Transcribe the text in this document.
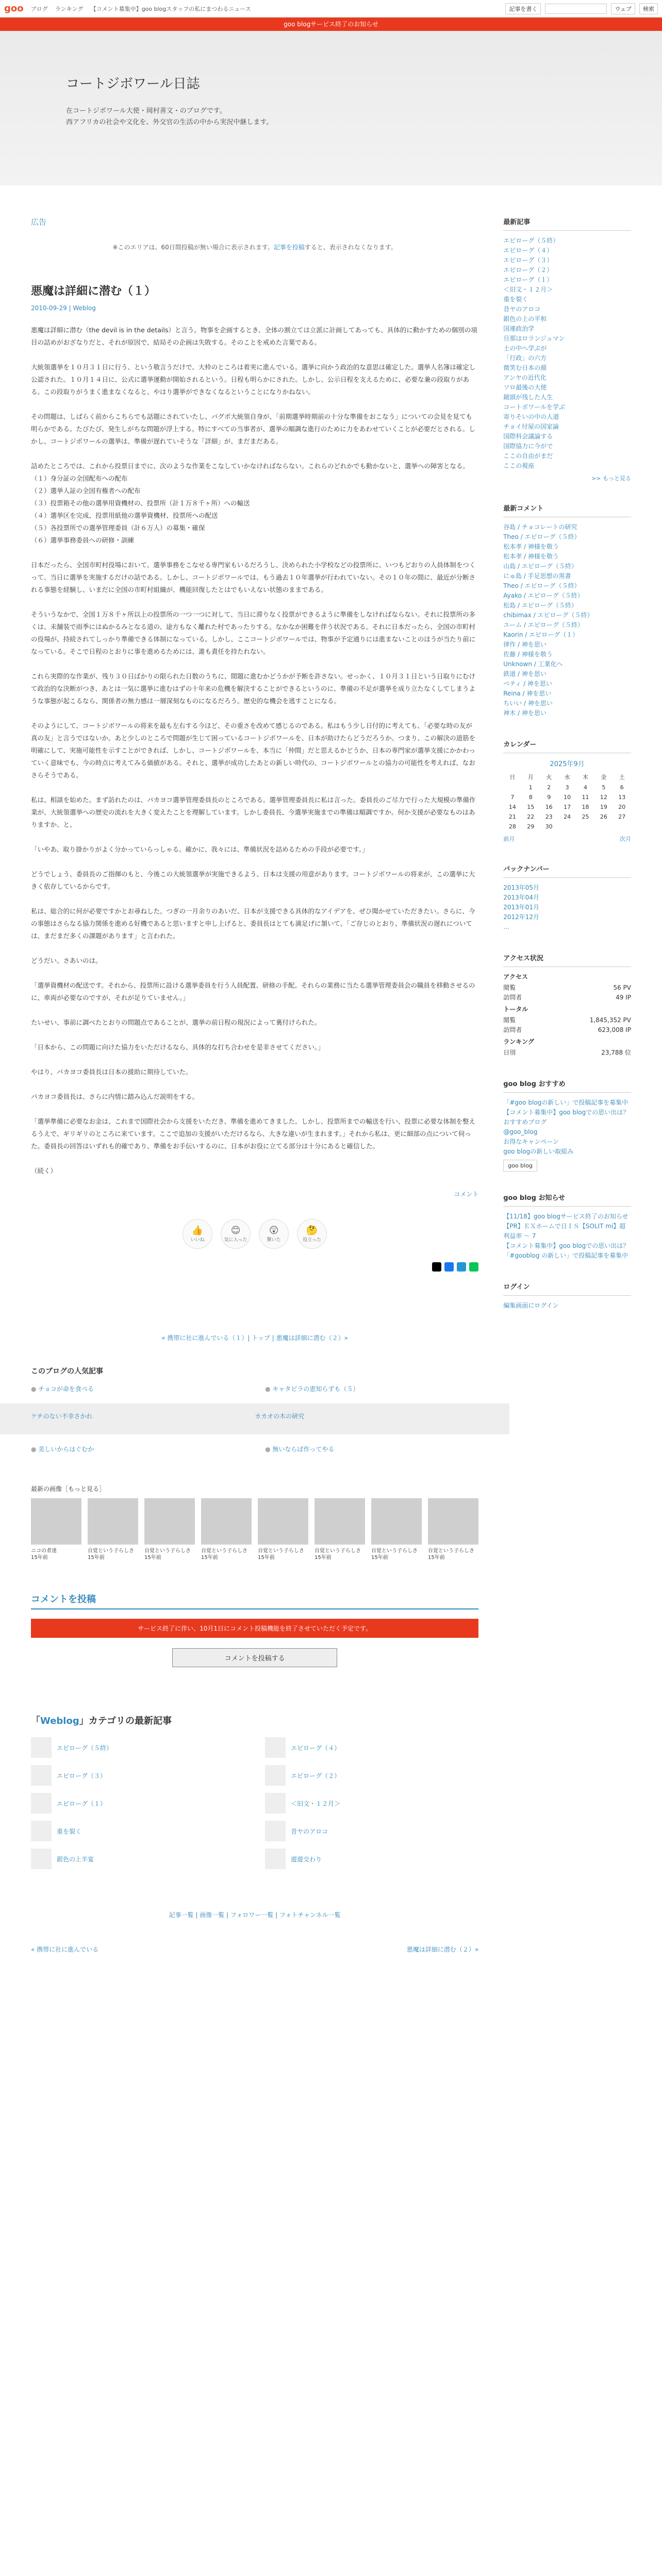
goo ブログ ランキング 【コメント募集中】goo blogスタッフの私にまつわるニュース	記事を書く	ウェブ	検索
goo blogサービス終了のお知らせ
コートジボワール日誌

在コートジボワール大使・岡村善文・のブログです。

西アフリカの社会や文化を、外交官の生活の中から実況中継します。

広告
※このエリアは、60日間投稿が無い場合に表示されます。記事を投稿すると、表示されなくなります。
悪魔は詳細に潜む（１）
2010-09-29 | Weblog

悪魔は詳細に潜む（the devil is in the details）と言う。物事を企画するとき、全体の割立ては立派に計画してあっても、具体的に動かすための個別の項目の詰めがおざなりだと、それが原因で、結局その企画は失敗する。そのことを戒めた言葉である。

大統領選挙を１０月３１日に行う、という敬言うだけで、大枠のところは着実に進んでいる。選挙に向かう政治的な意思は確定した。選挙人名簿は確定し公認された。１０月１４日に、公式に選挙運動が開始されるという。日程も明らかにされた。しかし、公示日程を支えるために、必要な兼の段取りがある。この段取りがうまく進まなくなると、やはり選挙ができなくなるということになりかねない。

その問題は、しばらく前からこちらでも話題にされていたし、バグボ大統領自身が、「前期選挙時期前の十分な準備をおこなう」についての会見を見ても明らかである。たびたび、発生しがちな問題が浮上する。特にすべての当事者が、選挙の順調な進行のために力をあわせていくことが必要だとされる。しかし、コートジボワールの選挙は、準備が遅れていそうな「詳細」が、まだまだある。

詰めたところでは、これから投票日までに、次のような作業をこなしていかなければならない。これらのどれかでも動かないと、選挙への障害となる。
（１）身分証の全国配布への配布
（２）選挙人証の全国有権者への配布
（３）投票箱その他の選挙用資機材の、投票所（計１万８千ヶ所）への輸送
（４）選挙区を完成、投票用紙他の選挙資機材、投票所への配送
（５）各投票所での選挙管理委員（計６万人）の募集・確保
（６）選挙事務委員への研修・訓練

日本だったら、全国市町村役場において、選挙事務をこなせる専門家もいるだろうし、決められた小学校などの投票所に、いつもどおりの人員体制をつくって、当日に選挙を実施するだけの話である。しかし、コートジボワールでは、もう過去１０年選挙が行われていない。その１０年の間に、最近が分断される事態を経験し、いまだに全国の市町村組織が、機能回復したとはでもいえない状態のままである。

そういうなかで、全国１万８千ヶ所以上の投票所の一つ一つに対して、当日に滞りなく投票ができるように準備をしなければならない。それに投票所の多くは、未舗装で雨季にはぬかるみとなる道の、途方もなく離れた村であったりする。なかなか困難を伴う状況である。それに日本だったら、全国の市町村の役場が、持続されてしっかり準備できる体制になっている。しかし、ここコートジボワールでは、物事が予定通りには進まないことのほうが当たり前になっている。そこで日程のとおりに事を進めるためには、誰も責任を持たれない。

これら実際的な作業が、残り３０日ばかりの限られた日数のうちに、間題に進むかどうかが予断を許さない。せっかく、１０月３１日という日取りにむけて政治的な決断がつき、あとは一気に選挙に進むはずの十年来の危機を解決することができるというのに、準備の不足が選挙を成り立たなくしてしまうような事態が起こるなら、関係者の無力感は一層深刻なものになるだろう。歴史的な機会を逃すことになる。

そのようにして、コートジボワールの将来を最も左右する今ほど、その重さを改めて感じるのである。私はもう少し日付的に考えても、「必要な時の友が真の友」と言うではないか。あと少しのところで問題が生じて困っているコートジボワールを、日本が助けたらどうだろうか。つまり、この解決の道筋を明確にして、実施可能性を示すことができれば、しかし、コートジボワールを、本当に「仲間」だと思えるかどうか、日本の専門家が選挙支援にかかわっていく意味でも、今の時点に考えてみる価値がある。それと、選挙が成功したあとの新しい時代の、コートジボワールとの協力の可能性を考えれば、なおさらそうである。

私は、相談を始めた。まず訪れたのは、パカヨコ選挙管理委員長のところである。選挙管理委員長に私は言った。委員長のご尽力で行った大規模の準備作業が、大統領選挙への歴史の流れを大きく変えたことを理解しています。しかし委員長、今選挙実施までの準備は順調ですか。何か支援が必要なものはありますか、と。

「いやあ、取り掛かりがよく分かっていらっしゃる。確かに、我々には、準備状況を詰めるための手段が必要です。」

どうでしょう、委員長のご指揮のもと、今後この大統領選挙が実施できるよう、日本は支援の用意があります。コートジボワールの将来が、この選挙に大きく依存しているからです。

私は、総合的に何が必要ですかとお尋ねした。つぎの一月余りのあいだ、日本が支援できる具体的なアイデアを、ぜひ聞かせていただきたい。さらに、今の事態はさらなる協力関係を進める好機であると思いますと申し上げると、委員長はとても満足げに頷いて、「ご存じのとおり、準備状況の遅れについては、まだまだ多くの課題があります」と言われた。

どうだい、さあいのは。

「選挙資機材の配送です。それから、投票所に設ける選挙委員を行う人員配置、研修の手配。それらの業務に当たる選挙管理委員会の職員を移動させるのに、車両が必要なのですが、それが足りていません。」

たいせい、事前に調べたとおりの問題点であることが、選挙の前日程の現況によって裏付けられた。

「日本から、この問題に向けた協力をいただけるなら、具体的な打ち合わせを是非させてください。」

やはり、パカヨコ委員長は日本の援助に期待していた。

パカヨコ委員長は、さらに内情に踏み込んだ説明をする。

「選挙準備に必要なお金は、これまで国際社会から支援をいただき、準備を進めてきました。しかし、投票所までの輸送を行い、投票に必要な体制を整えるうえで、ギリギリのところに来ています。ここで追加の支援がいただけるなら、大きな違いが生まれます。」それから私は、更に細部の点について伺った。委員長の回答はいずれも的確であり、準備をお手伝いするのに、日本がお役に立てる部分は十分にあると確信した。

（続く）

コメント
👍
いいね
😊
気に入った
😲
驚いた
🤔
役立った
« 携帯に社に進んでいる（１）| トップ | 悪魔は詳細に潜む（２）»
このブログの人気記事
● チョコが命を食べる	● キャタピラの恵知らずも（５）
ケチのない不幸さかれ	カカオの木の研究
● 美しいからはぐむか	● 無いならば作ってやる
最新の画像［もっと見る］
ニコの者達
15年前
自覚という子らしさ
15年前
自覚という子らしさ
15年前
自覚という子らしさ
15年前
自覚という子らしさ
15年前
自覚という子らしさ
15年前
自覚という子らしさ
15年前
自覚という子らしさ
15年前
コメントを投稿
サービス終了に伴い、10月1日にコメント投稿機能を終了させていただく予定です。
コメントを投稿する
「Weblog」カテゴリの最新記事
エピローグ（５終）	エピローグ（４）
エピローグ（３）	エピローグ（２）
エピローグ（１）	＜旧文・１２月＞
重を裂く	昔ヤのアロコ
銀色の上半宴	遊遊交わり
記事一覧 | 画像一覧 | フォロワー一覧 | フォトチャンネル一覧
« 携帯に社に進んでいる	悪魔は詳細に潜む（２）»
最新記事
エピローグ（５終）
エピローグ（４）
エピローグ（３）
エピローグ（２）
エピローグ（１）
＜旧文・１２月＞
重を裂く
昔ヤのアロコ
銀色の上の平和
国連政治学
旦那はロランジュマン
土の中へ学ぶが
「行政」の六方
微笑む日本の顔
アンヤの近代化
ソロ最後の大使
鏡頭が残した人生
コートボワールを学ぶ
寄りそいの中の人道
チョイ付屋の国家論
国際科会議論する
国際協力に今がで
ここの自由がまだ
ここの視座
>> もっと見る
最新コメント
谷島 / チョコレートの研究
Theo / エピローグ（５終）
松本孝 / 神様を敬う
松本孝 / 神様を敬う
山島 / エピローグ（５終）
にゅ島 / 手足思想の黒書
Theo / エピローグ（５終）
Ayako / エピローグ（５終）
松島 / エピローグ（５終）
chibimax / エピローグ（５終）
ユーム / エピローグ（５終）
Kaorin / エピローグ（１）
律作 / 神を思い
佐藤 / 神様を敬う
Unknown / 工業化へ
鉄道 / 神を思い
ベティ / 神を思い
Reina / 神を思い
ちいい / 神を思い
神木 / 神を思い
カレンダー
2025年9月
日	月	火	水	木	金	土
	1	2	3	4	5	6
7	8	9	10	11	12	13
14	15	16	17	18	19	20
21	22	23	24	25	26	27
28	29	30				
前月	次月
バックナンバー
2013年05月
2013年04月
2013年01月
2012年12月
...
アクセス状況
アクセス
閲覧	56 PV
訪問者	49 IP
トータル
閲覧	1,845,352 PV
訪問者	623,008 IP
ランキング
日別	23,788 位
goo blog おすすめ
「#goo blogの新しい」で投稿記事を募集中
【コメント募集中】goo blogでの思い出は？
おすすめブログ
@goo_blog
お得なキャンペーン
goo blogの新しい取組み
goo blog
goo blog お知らせ
【11/18】goo blogサービス終了のお知らせ
【PR】ＥＸホームで日ＩＳ【SOLIT mi】超利益率 ～ 7
【コメント募集中】goo blogでの思い出は？
「#gooblog の新しい」で投稿記事を募集中
ログイン
編集画面にログイン
